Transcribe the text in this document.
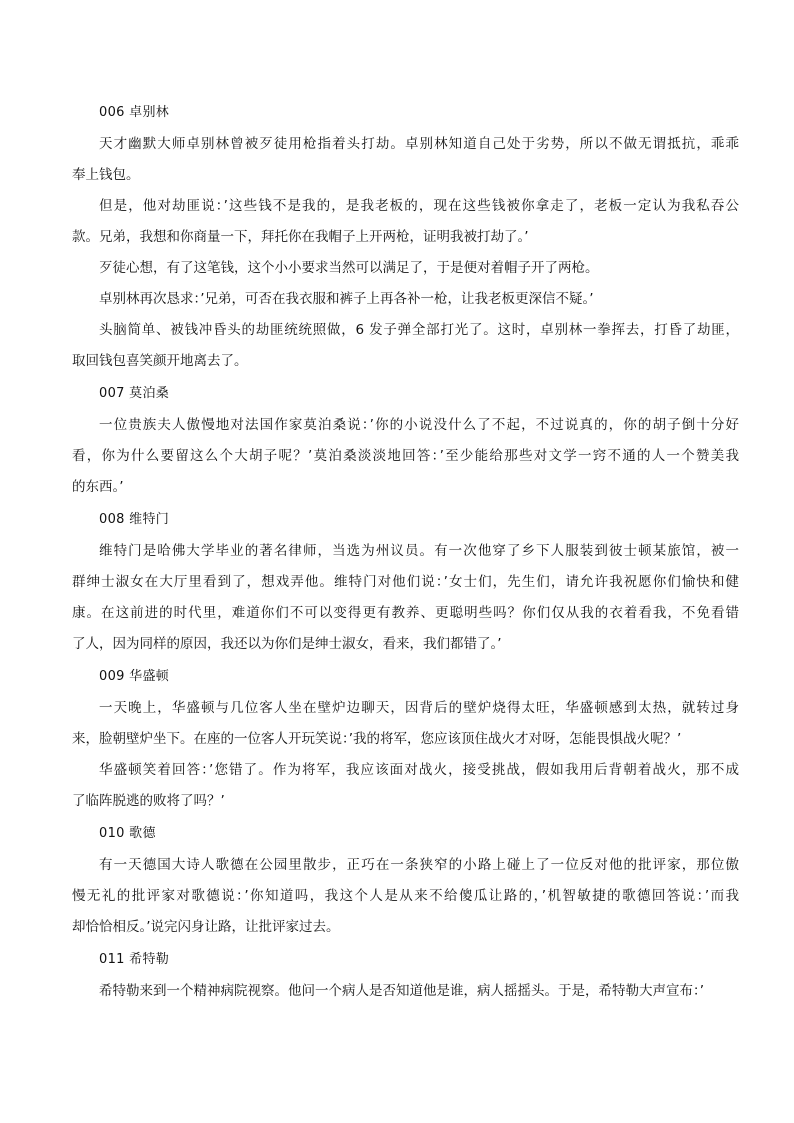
006 卓别林
天才幽默大师卓别林曾被歹徒用枪指着头打劫。卓别林知道自己处于劣势，所以不做无谓抵抗，乖乖
奉上钱包。
但是，他对劫匪说：’这些钱不是我的，是我老板的，现在这些钱被你拿走了，老板一定认为我私吞公
款。兄弟，我想和你商量一下，拜托你在我帽子上开两枪，证明我被打劫了。’
歹徒心想，有了这笔钱，这个小小要求当然可以满足了，于是便对着帽子开了两枪。
卓别林再次恳求：’兄弟，可否在我衣服和裤子上再各补一枪，让我老板更深信不疑。’
头脑简单、被钱冲昏头的劫匪统统照做，6 发子弹全部打光了。这时，卓别林一拳挥去，打昏了劫匪，
取回钱包喜笑颜开地离去了。
007 莫泊桑
一位贵族夫人傲慢地对法国作家莫泊桑说：’你的小说没什么了不起，不过说真的，你的胡子倒十分好
看，你为什么要留这么个大胡子呢？’莫泊桑淡淡地回答：’至少能给那些对文学一窍不通的人一个赞美我
的东西。’
008 维特门
维特门是哈佛大学毕业的著名律师，当选为州议员。有一次他穿了乡下人服装到彼士顿某旅馆，被一
群绅士淑女在大厅里看到了，想戏弄他。维特门对他们说：’女士们，先生们，请允许我祝愿你们愉快和健
康。在这前进的时代里，难道你们不可以变得更有教养、更聪明些吗？你们仅从我的衣着看我，不免看错
了人，因为同样的原因，我还以为你们是绅士淑女，看来，我们都错了。’
009 华盛顿
一天晚上，华盛顿与几位客人坐在壁炉边聊天，因背后的壁炉烧得太旺，华盛顿感到太热，就转过身
来，脸朝壁炉坐下。在座的一位客人开玩笑说：’我的将军，您应该顶住战火才对呀，怎能畏惧战火呢？’
华盛顿笑着回答：’您错了。作为将军，我应该面对战火，接受挑战，假如我用后背朝着战火，那不成
了临阵脱逃的败将了吗？’
010 歌德
有一天德国大诗人歌德在公园里散步，正巧在一条狭窄的小路上碰上了一位反对他的批评家，那位傲
慢无礼的批评家对歌德说：’你知道吗，我这个人是从来不给傻瓜让路的，’机智敏捷的歌德回答说：’而我
却恰恰相反。’说完闪身让路，让批评家过去。
011 希特勒
希特勒来到一个精神病院视察。他问一个病人是否知道他是谁，病人摇摇头。于是，希特勒大声宣布：’
